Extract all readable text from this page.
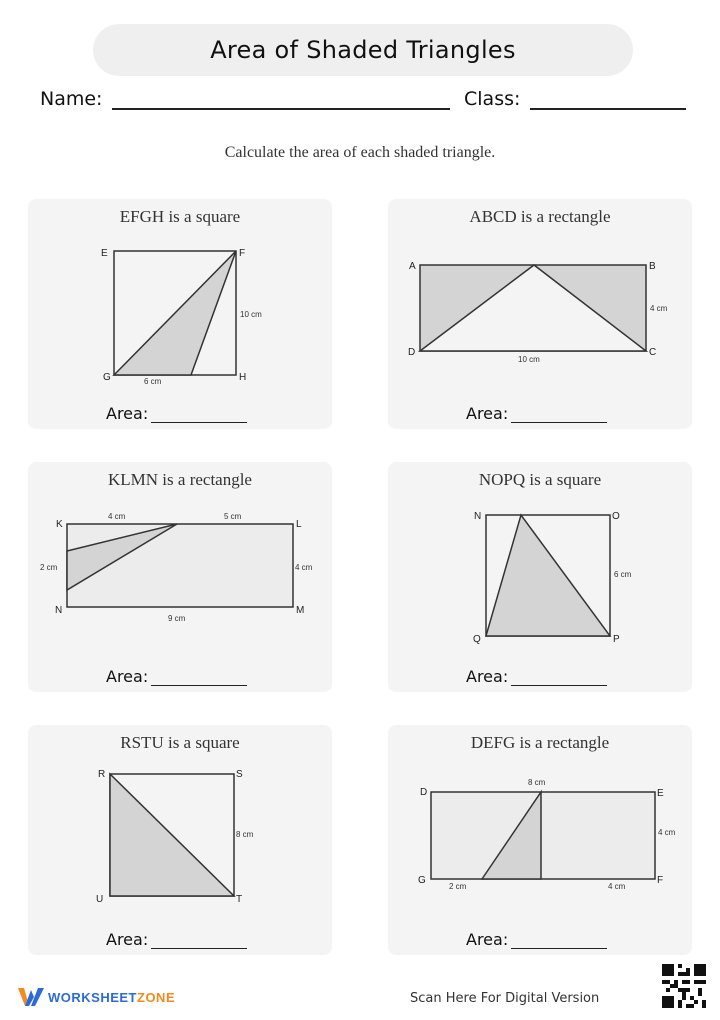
Area of Shaded Triangles
Name:	Class:
Calculate the area of each shaded triangle.
EFGH is a square
E	F
G	H
10 cm
6 cm
Area:
ABCD is a rectangle
A	B
C
D
4 cm
10 cm
Area:
KLMN is a rectangle
K	L
M
N
4 cm	5 cm
2 cm	4 cm
9 cm
Area:
NOPQ is a square
N	O
P
Q
6 cm
Area:
RSTU is a square
R	S
T
U
8 cm
Area:
DEFG is a rectangle
D	E
F
G
8 cm
4 cm
2 cm	4 cm
Area:
WORKSHEETZONE	Scan Here For Digital Version
